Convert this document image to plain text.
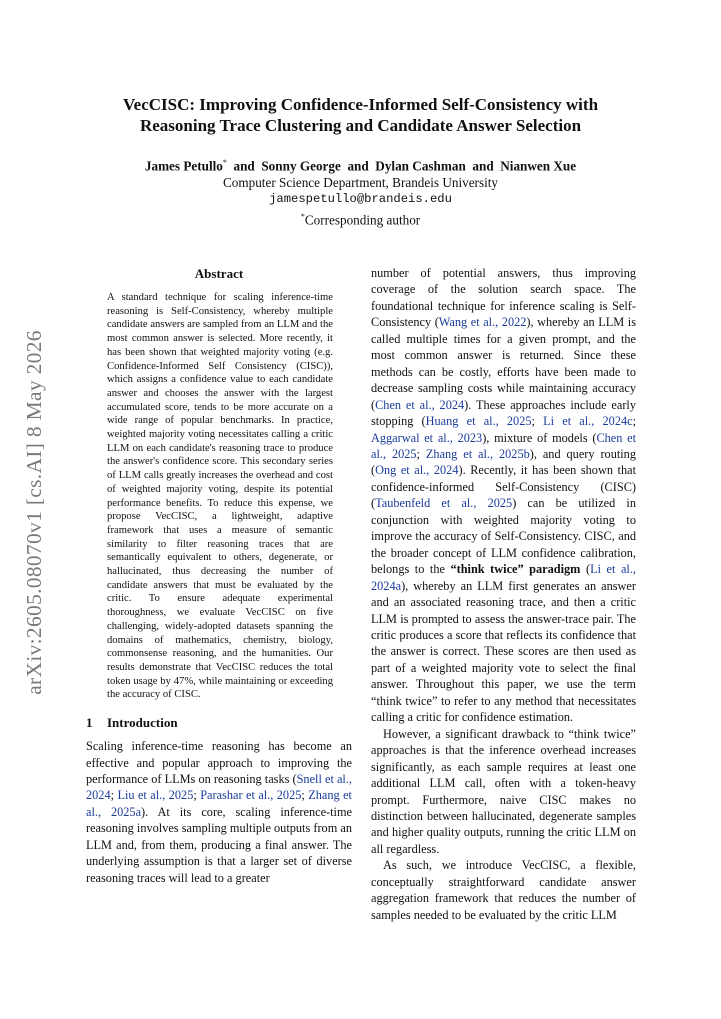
arXiv:2605.08070v1 [cs.AI] 8 May 2026
VecCISC: Improving Confidence-Informed Self-Consistency with
Reasoning Trace Clustering and Candidate Answer Selection
James Petullo* and Sonny George and Dylan Cashman and Nianwen Xue
Computer Science Department, Brandeis University
jamespetullo@brandeis.edu
*Corresponding author
Abstract

A standard technique for scaling inference-time reasoning is Self-Consistency, whereby multiple candidate answers are sampled from an LLM and the most common answer is selected. More recently, it has been shown that weighted majority voting (e.g. Confidence-Informed Self Consistency (CISC)), which assigns a confidence value to each candidate answer and chooses the answer with the largest accumulated score, tends to be more accurate on a wide range of popular benchmarks. In practice, weighted majority voting necessitates calling a critic LLM on each candidate's reasoning trace to produce the answer's confidence score. This secondary series of LLM calls greatly increases the overhead and cost of weighted majority voting, despite its potential performance benefits. To reduce this expense, we propose VecCISC, a lightweight, adaptive framework that uses a measure of semantic similarity to filter reasoning traces that are semantically equivalent to others, degenerate, or hallucinated, thus decreasing the number of candidate answers that must be evaluated by the critic. To ensure adequate experimental thoroughness, we evaluate VecCISC on five challenging, widely-adopted datasets spanning the domains of mathematics, chemistry, biology, commonsense reasoning, and the humanities. Our results demonstrate that VecCISC reduces the total token usage by 47%, while maintaining or exceeding the accuracy of CISC.

1 Introduction

Scaling inference-time reasoning has become an effective and popular approach to improving the performance of LLMs on reasoning tasks (Snell et al., 2024; Liu et al., 2025; Parashar et al., 2025; Zhang et al., 2025a). At its core, scaling inference-time reasoning involves sampling multiple outputs from an LLM and, from them, producing a final answer. The underlying assumption is that a larger set of diverse reasoning traces will lead to a greater

number of potential answers, thus improving coverage of the solution search space. The foundational technique for inference scaling is Self-Consistency (Wang et al., 2022), whereby an LLM is called multiple times for a given prompt, and the most common answer is returned. Since these methods can be costly, efforts have been made to decrease sampling costs while maintaining accuracy (Chen et al., 2024). These approaches include early stopping (Huang et al., 2025; Li et al., 2024c; Aggarwal et al., 2023), mixture of models (Chen et al., 2025; Zhang et al., 2025b), and query routing (Ong et al., 2024). Recently, it has been shown that confidence-informed Self-Consistency (CISC) (Taubenfeld et al., 2025) can be utilized in conjunction with weighted majority voting to improve the accuracy of Self-Consistency. CISC, and the broader concept of LLM confidence calibration, belongs to the “think twice” paradigm (Li et al., 2024a), whereby an LLM first generates an answer and an associated reasoning trace, and then a critic LLM is prompted to assess the answer-trace pair. The critic produces a score that reflects its confidence that the answer is correct. These scores are then used as part of a weighted majority vote to select the final answer. Throughout this paper, we use the term “think twice” to refer to any method that necessitates calling a critic for confidence estimation.

However, a significant drawback to “think twice” approaches is that the inference overhead increases significantly, as each sample requires at least one additional LLM call, often with a token-heavy prompt. Furthermore, naive CISC makes no distinction between hallucinated, degenerate samples and higher quality outputs, running the critic LLM on all regardless.

As such, we introduce VecCISC, a flexible, conceptually straightforward candidate answer aggregation framework that reduces the number of samples needed to be evaluated by the critic LLM
